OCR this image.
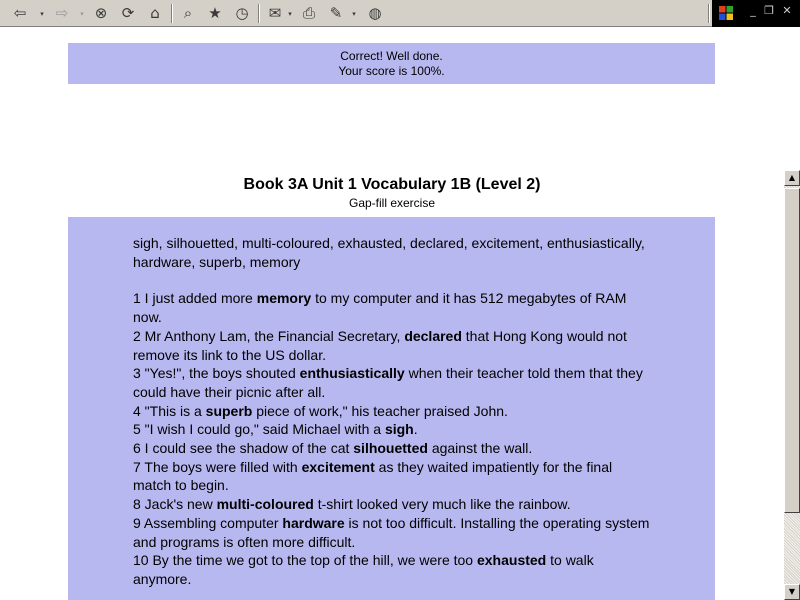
⇦	▾ ⇨	▾ ⊗ ⟳	⌂	⌕	★ ◷	✉ ▾ ⎙ ✎	▾ ◍	_ ❐ ✕
Correct! Well done.
Your score is 100%.
Book 3A Unit 1 Vocabulary 1B (Level 2)
Gap-fill exercise
sigh, silhouetted, multi-coloured, exhausted, declared, excitement, enthusiastically, hardware, superb, memory
1 I just added more memory to my computer and it has 512 megabytes of RAM now.
2 Mr Anthony Lam, the Financial Secretary, declared that Hong Kong would not remove its link to the US dollar.
3 "Yes!", the boys shouted enthusiastically when their teacher told them that they could have their picnic after all.
4 "This is a superb piece of work," his teacher praised John.
5 "I wish I could go," said Michael with a sigh.
6 I could see the shadow of the cat silhouetted against the wall.
7 The boys were filled with excitement as they waited impatiently for the final match to begin.
8 Jack's new multi-coloured t-shirt looked very much like the rainbow.
9 Assembling computer hardware is not too difficult. Installing the operating system and programs is often more difficult.
10 By the time we got to the top of the hill, we were too exhausted to walk anymore.
▲
▼
